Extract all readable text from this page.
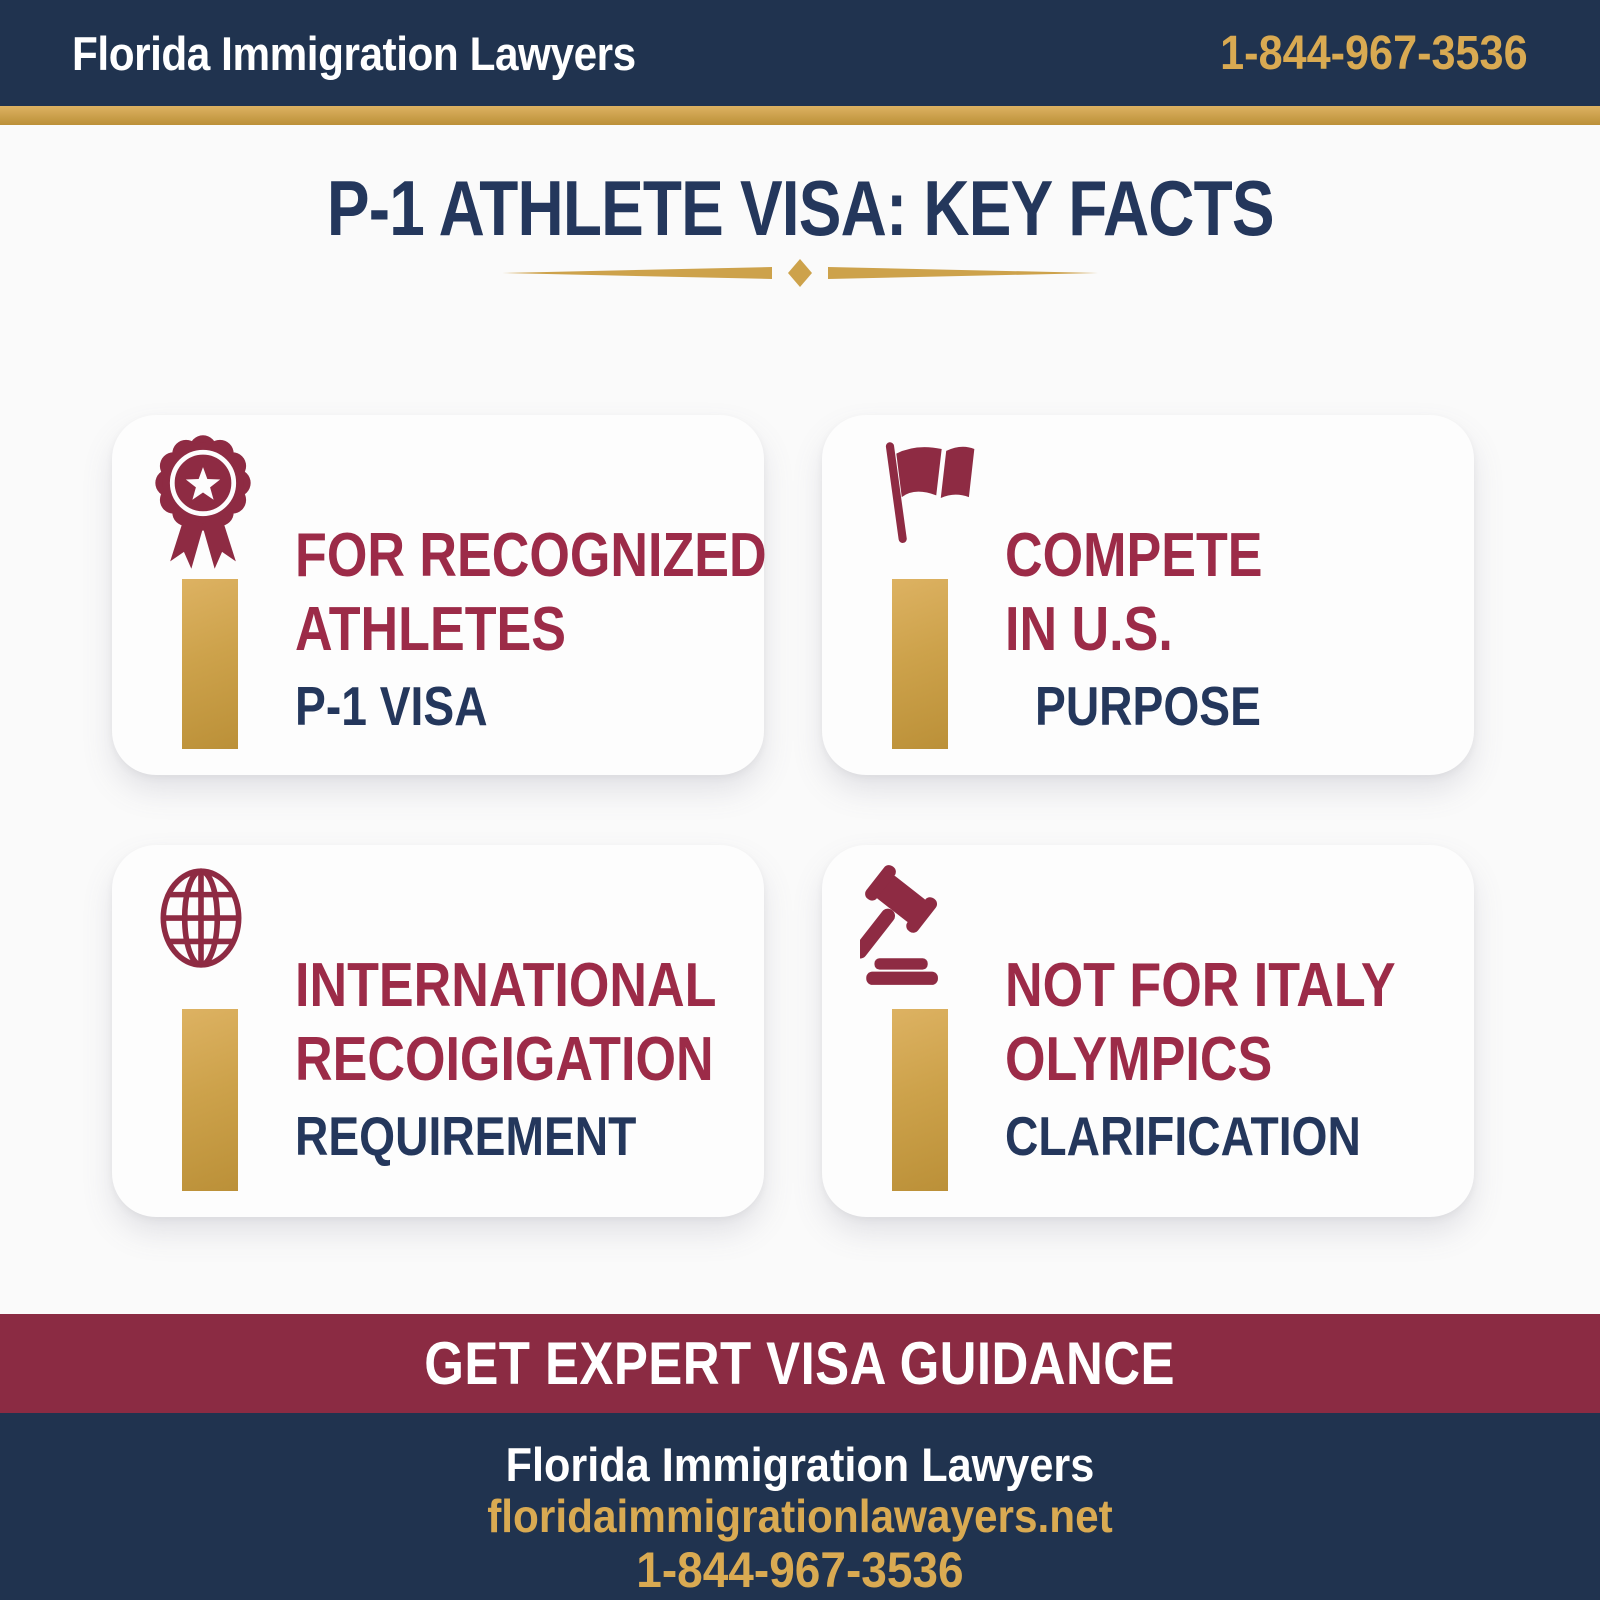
Florida Immigration Lawyers	1-844-967-3536
P-1 ATHLETE VISA: KEY FACTS
FOR RECOGNIZED
ATHLETES
P-1 VISA
COMPETE
IN U.S.
PURPOSE
INTERNATIONAL
RECOIGIGATION
REQUIREMENT
NOT FOR ITALY
OLYMPICS
CLARIFICATION
GET EXPERT VISA GUIDANCE
Florida Immigration Lawyers
floridaimmigrationlawayers.net
1-844-967-3536
